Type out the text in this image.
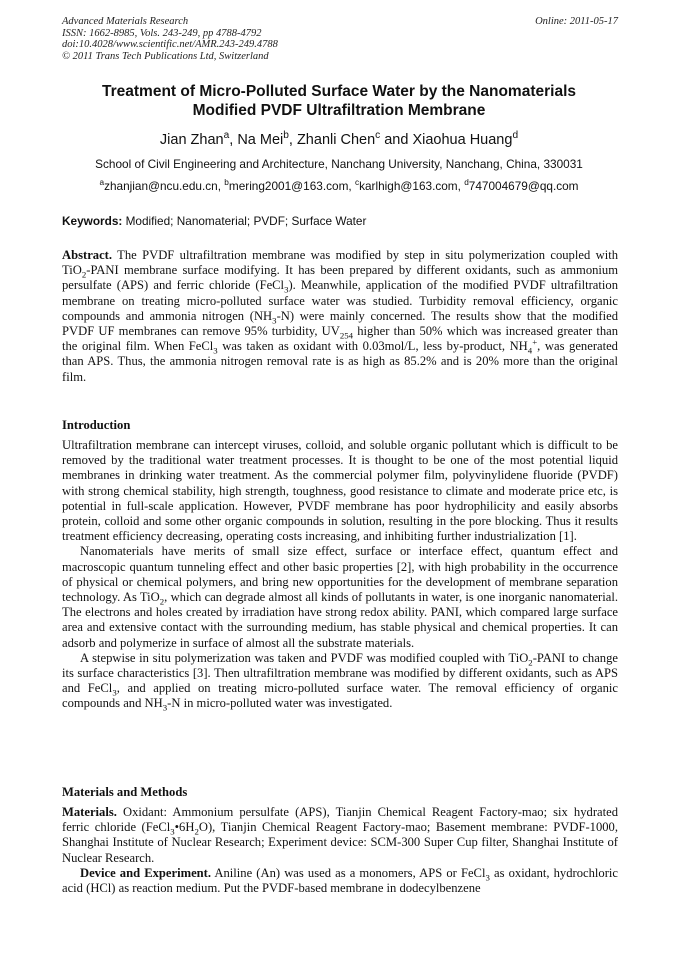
Advanced Materials Research
ISSN: 1662-8985, Vols. 243-249, pp 4788-4792
doi:10.4028/www.scientific.net/AMR.243-249.4788
© 2011 Trans Tech Publications Ltd, Switzerland
Online: 2011-05-17
Treatment of Micro-Polluted Surface Water by the Nanomaterials
Modified PVDF Ultrafiltration Membrane
Jian Zhan$^a$, Na Mei$^b$, Zhanli Chen$^c$ and Xiaohua Huang$^d$
School of Civil Engineering and Architecture, Nanchang University, Nanchang, China, 330031
$^a$zhanjian@ncu.edu.cn, $^b$mering2001@163.com, $^c$karlhigh@163.com, $^d$747004679@qq.com
Keywords: Modified; Nanomaterial; PVDF; Surface Water

Abstract. The PVDF ultrafiltration membrane was modified by step in situ polymerization coupled with TiO$_2$-PANI membrane surface modifying. It has been prepared by different oxidants, such as ammonium persulfate (APS) and ferric chloride (FeCl$_3$). Meanwhile, application of the modified PVDF ultrafiltration membrane on treating micro-polluted surface water was studied. Turbidity removal efficiency, organic compounds and ammonia nitrogen $(NH_3-N)$ were mainly concerned. The results show that the modified PVDF UF membranes can remove 95% turbidity, $UV_{254}$ higher than 50% which was increased greater than the original film. When FeCl$_3$ was taken as oxidant with 0.03mol/L, less by-product, $NH_4^+$, was generated than APS. Thus, the ammonia nitrogen removal rate is as high as 85.2% and is 20% more than the original film.

Introduction

Ultrafiltration membrane can intercept viruses, colloid, and soluble organic pollutant which is difficult to be removed by the traditional water treatment processes. It is thought to be one of the most potential liquid membranes in drinking water treatment. As the commercial polymer film, polyvinylidene fluoride (PVDF) with strong chemical stability, high strength, toughness, good resistance to climate and moderate price etc, is potential in full-scale application. However, PVDF membrane has poor hydrophilicity and easily absorbs protein, colloid and some other organic compounds in solution, resulting in the pore blocking. Thus it results treatment efficiency decreasing, operating costs increasing, and inhibiting further industrialization [1].

Nanomaterials have merits of small size effect, surface or interface effect, quantum effect and macroscopic quantum tunneling effect and other basic properties [2], with high probability in the occurrence of physical or chemical polymers, and bring new opportunities for the development of membrane separation technology. As TiO$_2$, which can degrade almost all kinds of pollutants in water, is one inorganic nanomaterial. The electrons and holes created by irradiation have strong redox ability. PANI, which compared large surface area and extensive contact with the surrounding medium, has stable physical and chemical properties. It can adsorb and polymerize in surface of almost all the substrate materials.

A stepwise in situ polymerization was taken and PVDF was modified coupled with TiO$_2$-PANI to change its surface characteristics [3]. Then ultrafiltration membrane was modified by different oxidants, such as APS and FeCl$_3$, and applied on treating micro-polluted surface water. The removal efficiency of organic compounds and $NH_3-N$ in micro-polluted water was investigated.

Materials and Methods

Materials. Oxidant: Ammonium persulfate (APS), Tianjin Chemical Reagent Factory-mao; six hydrated ferric chloride $(FeCl_3•6H_2O)$, Tianjin Chemical Reagent Factory-mao; Basement membrane: PVDF-1000, Shanghai Institute of Nuclear Research; Experiment device: SCM-300 Super Cup filter, Shanghai Institute of Nuclear Research.

Device and Experiment. Aniline (An) was used as a monomers, APS or FeCl$_3$ as oxidant, hydrochloric acid (HCl) as reaction medium. Put the PVDF-based membrane in dodecylbenzene
